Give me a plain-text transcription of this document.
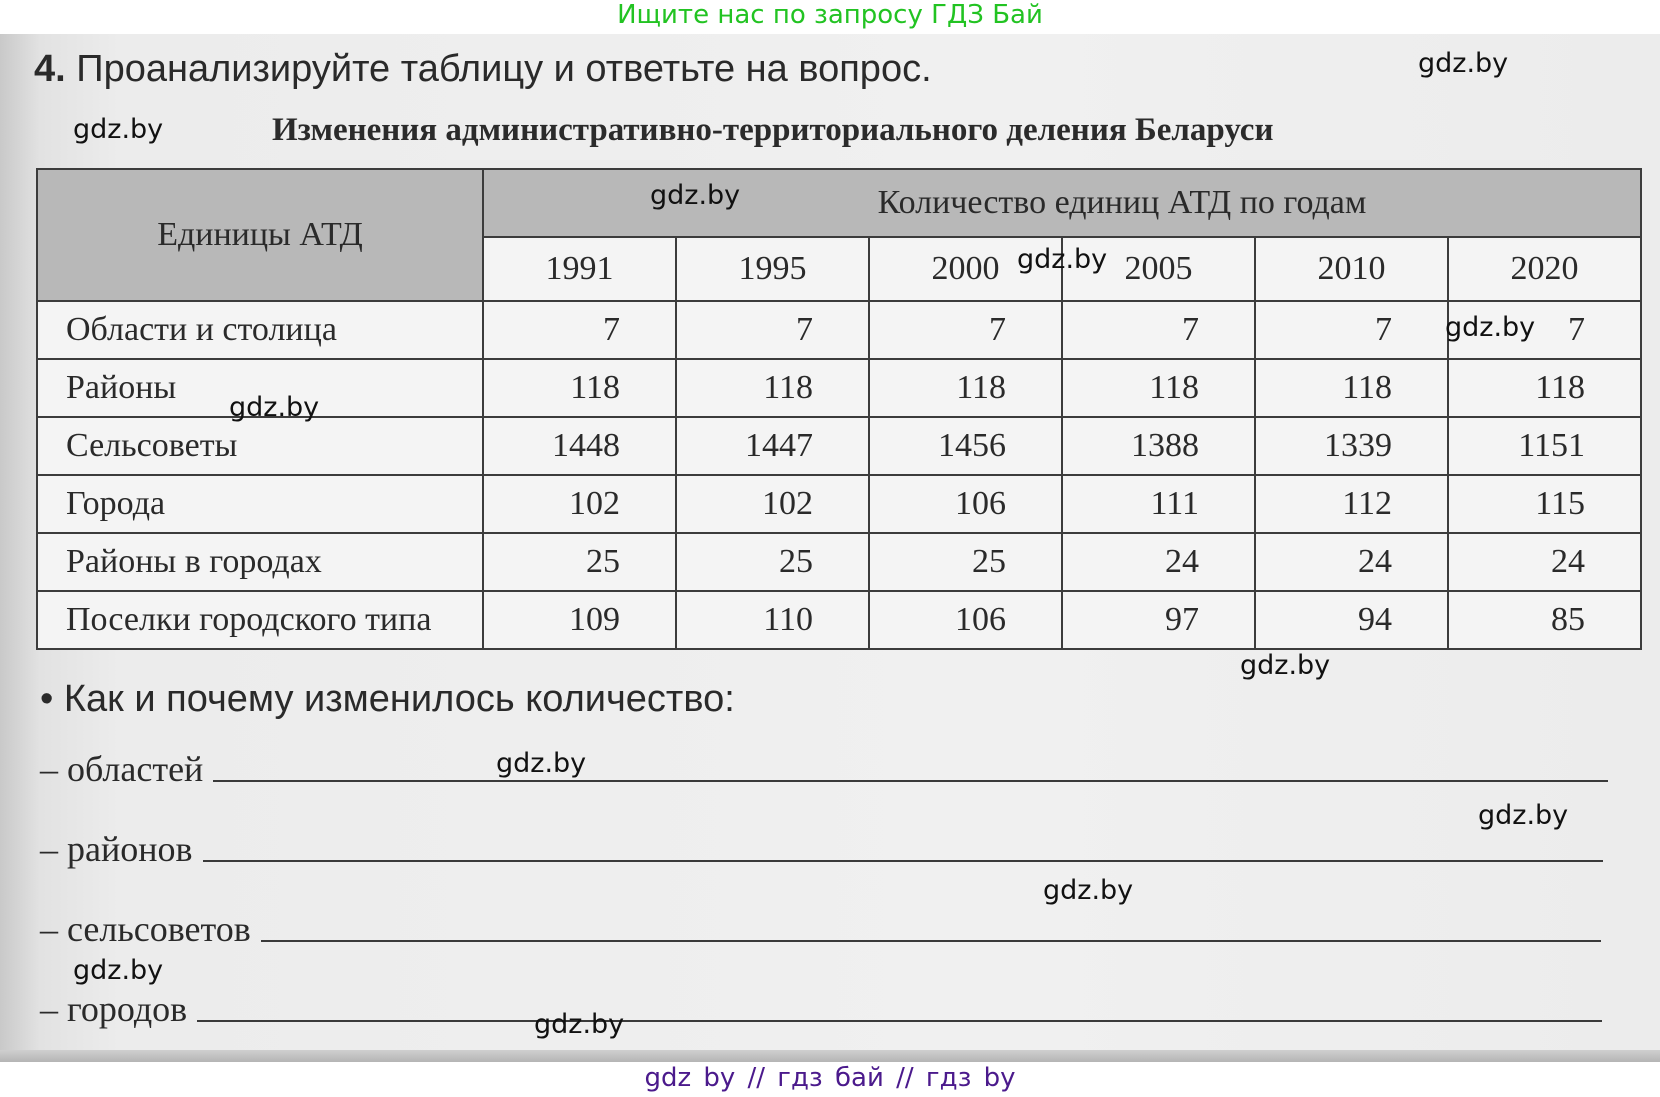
Ищите нас по запросу ГДЗ Бай
4. Проанализируйте таблицу и ответьте на вопрос.
Изменения административно-территориального деления Беларуси
Единицы АТД	Количество единиц АТД по годам					
	1991	1995	2000	2005	2010	2020
Области и столица	7	7	7	7	7	7
Районы	118	118	118	118	118	118
Сельсоветы	1448	1447	1456	1388	1339	1151
Города	102	102	106	111	112	115
Районы в городах	25	25	25	24	24	24
Поселки городского типа	109	110	106	97	94	85
• Как и почему изменилось количество:
– областей
– районов
– сельсоветов
– городов
gdz.by
gdz.by
gdz.by
gdz.by
gdz.by
gdz.by
gdz.by
gdz.by
gdz.by
gdz.by
gdz.by
gdz.by
gdz by // гдз бай // гдз by
